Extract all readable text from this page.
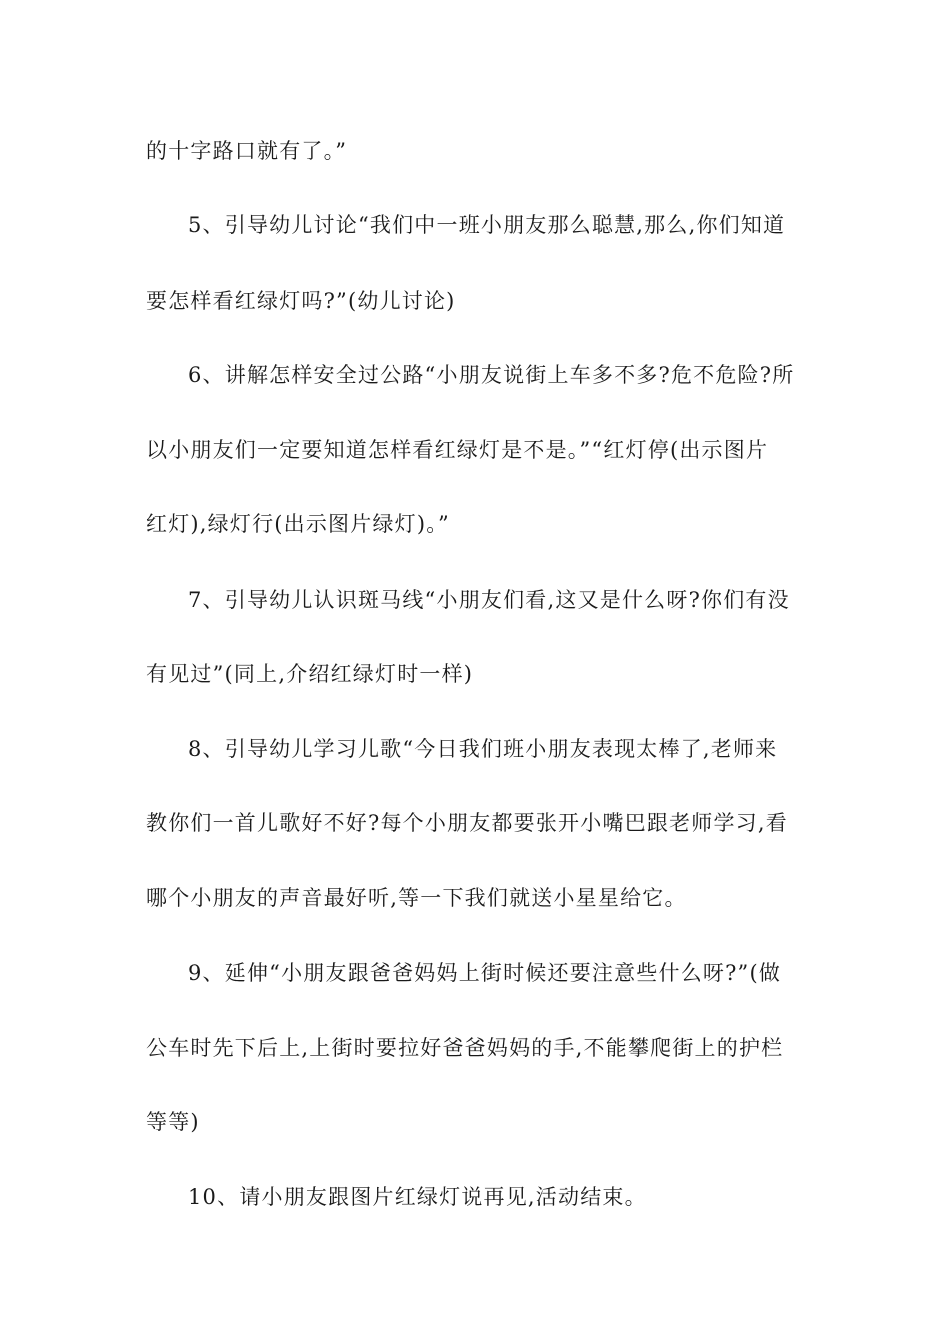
的十字路口就有了。”
5、引导幼儿讨论“我们中一班小朋友那么聪慧,那么,你们知道
要怎样看红绿灯吗?”(幼儿讨论)
6、讲解怎样安全过公路“小朋友说街上车多不多?危不危险?所
以小朋友们一定要知道怎样看红绿灯是不是。”“红灯停(出示图片
红灯),绿灯行(出示图片绿灯)。”
7、引导幼儿认识斑马线“小朋友们看,这又是什么呀?你们有没
有见过”(同上,介绍红绿灯时一样)
8、引导幼儿学习儿歌“今日我们班小朋友表现太棒了,老师来
教你们一首儿歌好不好?每个小朋友都要张开小嘴巴跟老师学习,看
哪个小朋友的声音最好听,等一下我们就送小星星给它。
9、延伸“小朋友跟爸爸妈妈上街时候还要注意些什么呀?”(做
公车时先下后上,上街时要拉好爸爸妈妈的手,不能攀爬街上的护栏
等等)
10、请小朋友跟图片红绿灯说再见,活动结束。
